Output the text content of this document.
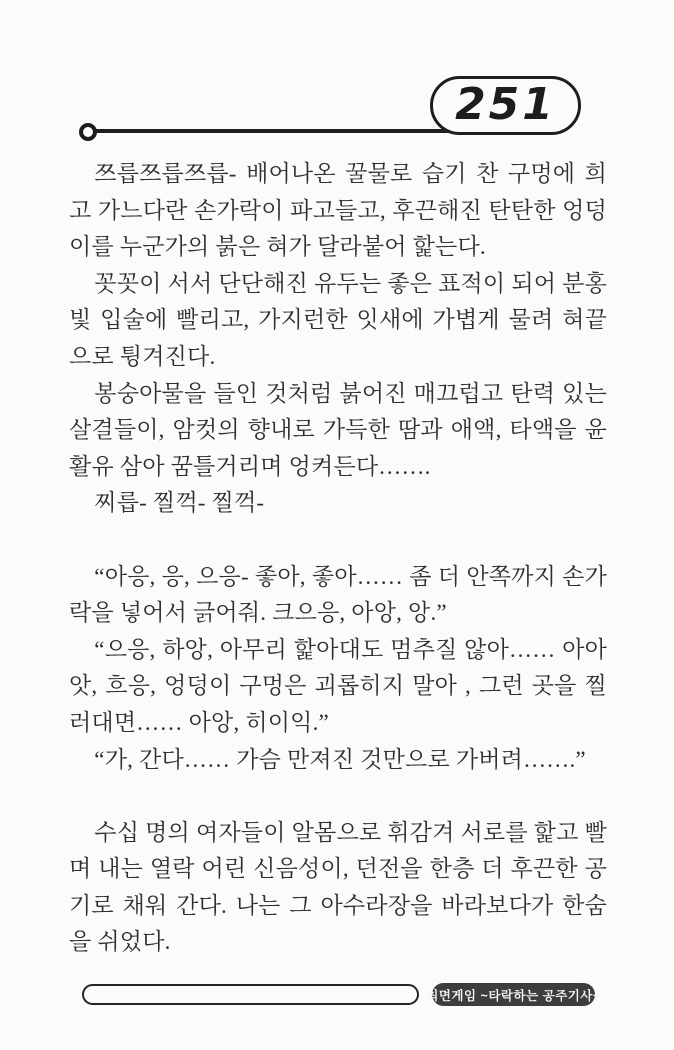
251

쯔릅쯔릅쯔릅- 배어나온 꿀물로 습기 찬 구멍에 희고 가느다란 손가락이 파고들고, 후끈해진 탄탄한 엉덩이를 누군가의 붉은 혀가 달라붙어 핥는다.

꼿꼿이 서서 단단해진 유두는 좋은 표적이 되어 분홍빛 입술에 빨리고, 가지런한 잇새에 가볍게 물려 혀끝으로 튕겨진다.

봉숭아물을 들인 것처럼 붉어진 매끄럽고 탄력 있는 살결들이, 암컷의 향내로 가득한 땀과 애액, 타액을 윤활유 삼아 꿈틀거리며 엉켜든다…….

찌릅- 찔꺽- 찔꺽-

“아응, 응, 으응- 좋아, 좋아…… 좀 더 안쪽까지 손가락을 넣어서 긁어줘. 크으응, 아앙, 앙.”

“으응, 하앙, 아무리 핥아대도 멈추질 않아…… 아아앗, 흐응, 엉덩이 구멍은 괴롭히지 말아 , 그런 곳을 찔러대면…… 아앙, 히이익.”

“가, 간다…… 가슴 만져진 것만으로 가버려…….”

수십 명의 여자들이 알몸으로 휘감겨 서로를 핥고 빨며 내는 열락 어린 신음성이, 던전을 한층 더 후끈한 공기로 채워 간다. 나는 그 아수라장을 바라보다가 한숨을 쉬었다.

최면게임 ~타락하는 공주기사~
